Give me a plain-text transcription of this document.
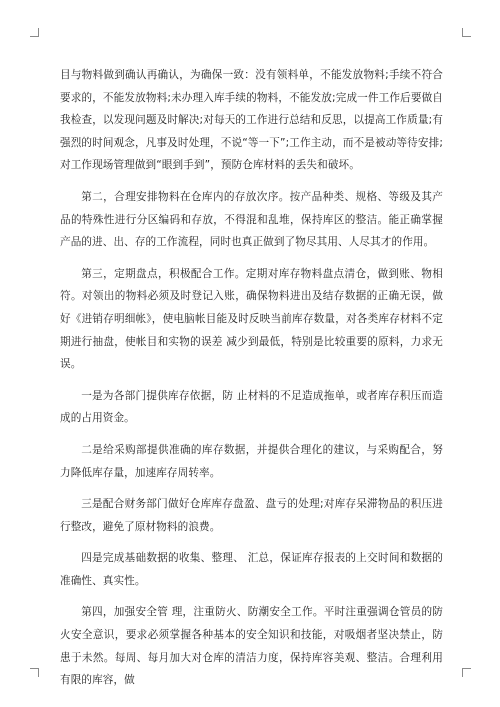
目与物料做到确认再确认，为确保一致：没有领料单，不能发放物料;手续不符合要求的，不能发放物料;未办理入库手续的物料，不能发放;完成一件工作后要做自我检查，以发现问题及时解决;对每天的工作进行总结和反思，以提高工作质量;有强烈的时间观念，凡事及时处理，不说“等一下”;工作主动，而不是被动等待安排;对工作现场管理做到“眼到手到”，预防仓库材料的丢失和破坏。

第二，合理安排物料在仓库内的存放次序。按产品种类、规格、等级及其产品的特殊性进行分区编码和存放，不得混和乱堆，保持库区的整洁。能正确掌握产品的进、出、存的工作流程，同时也真正做到了物尽其用、人尽其才的作用。

第三，定期盘点，积极配合工作。定期对库存物料盘点清仓，做到账、物相符。对领出的物料必须及时登记入账，确保物料进出及结存数据的正确无误，做好《进销存明细帐》，使电脑帐目能及时反映当前库存数量，对各类库存材料不定期进行抽盘，使帐目和实物的误差 减少到最低，特别是比较重要的原料，力求无误。

一是为各部门提供库存依据，防 止材料的不足造成拖单，或者库存积压而造成的占用资金。

二是给采购部提供准确的库存数据，并提供合理化的建议，与采购配合，努力降低库存量，加速库存周转率。

三是配合财务部门做好仓库库存盘盈、盘亏的处理;对库存呆滞物品的积压进行整改，避免了原材物料的浪费。

四是完成基础数据的收集、整理、 汇总，保证库存报表的上交时间和数据的准确性、真实性。

第四，加强安全管 理，注重防火、防潮安全工作。平时注重强调仓管员的防火安全意识，要求必须掌握各种基本的安全知识和技能，对吸烟者坚决禁止，防患于未然。每周、每月加大对仓库的清洁力度，保持库容美观、整洁。合理利用有限的库容，做
